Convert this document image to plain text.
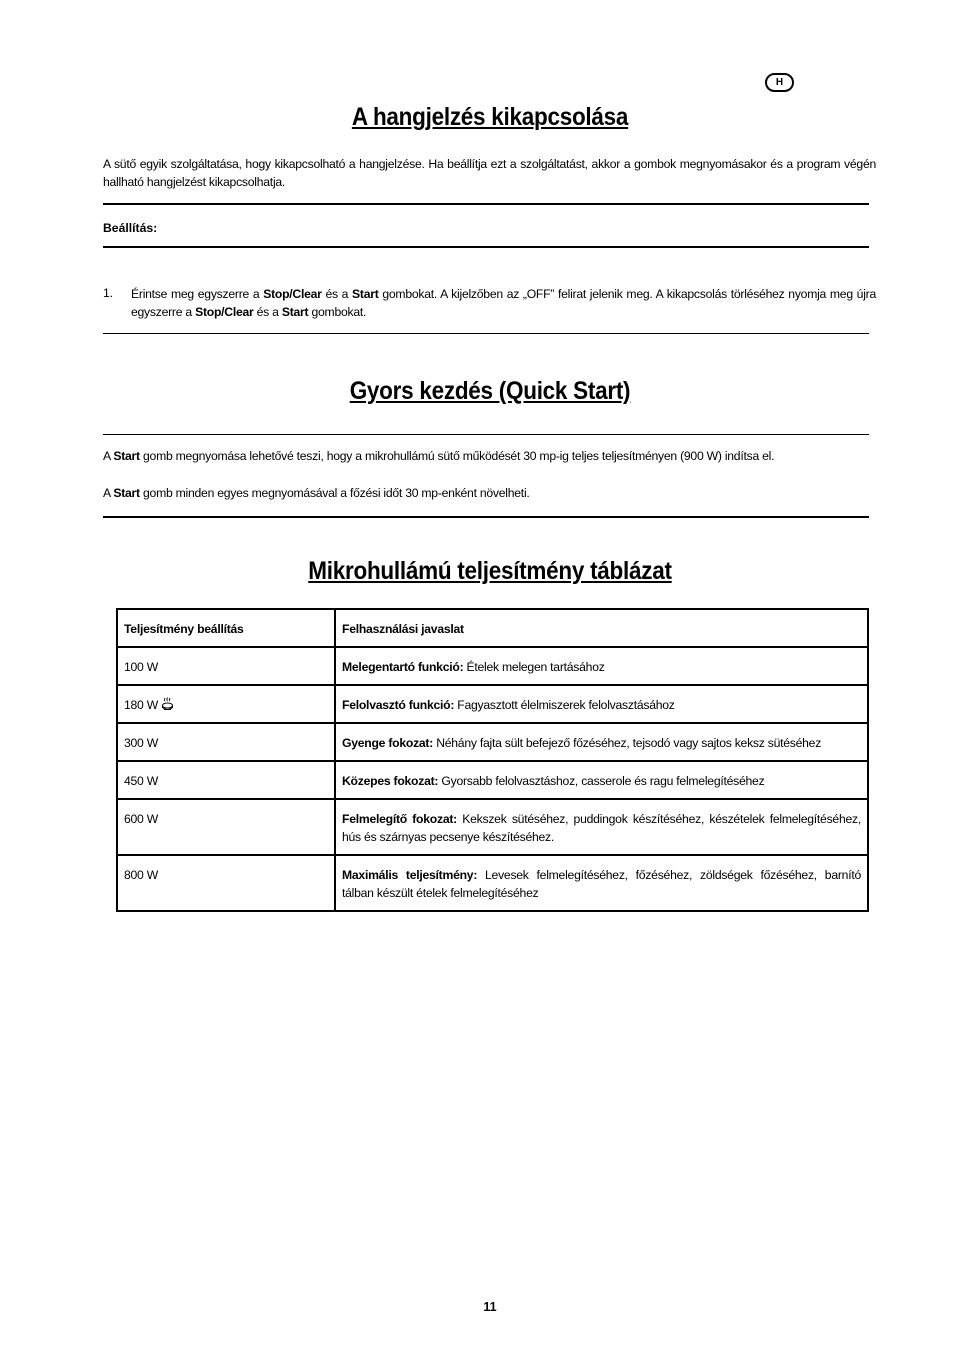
H
A hangjelzés kikapcsolása
A sütő egyik szolgáltatása, hogy kikapcsolható a hangjelzése. Ha beállítja ezt a szolgáltatást, akkor a gombok megnyomásakor és a program végén hallható hangjelzést kikapcsolhatja.
Beállítás:
1. Érintse meg egyszerre a Stop/Clear és a Start gombokat. A kijelzőben az „OFF” felirat jelenik meg. A kikapcsolás törléséhez nyomja meg újra egyszerre a Stop/Clear és a Start gombokat.
Gyors kezdés (Quick Start)
A Start gomb megnyomása lehetővé teszi, hogy a mikrohullámú sütő működését 30 mp-ig teljes teljesítményen (900 W) indítsa el.
A Start gomb minden egyes megnyomásával a főzési időt 30 mp-enként növelheti.
Mikrohullámú teljesítmény táblázat
Teljesítmény beállítás	Felhasználási javaslat
100 W	Melegentartó funkció: Ételek melegen tartásához
180 W	Felolvasztó funkció: Fagyasztott élelmiszerek felolvasztásához
300 W	Gyenge fokozat: Néhány fajta sült befejező főzéséhez, tejsodó vagy sajtos keksz sütéséhez
450 W	Közepes fokozat: Gyorsabb felolvasztáshoz, casserole és ragu felmelegítéséhez
600 W	Felmelegítő fokozat: Kekszek sütéséhez, puddingok készítéséhez, készételek felmelegítéséhez, hús és szárnyas pecsenye készítéséhez.
800 W	Maximális teljesítmény: Levesek felmelegítéséhez, főzéséhez, zöldségek főzéséhez, barnító tálban készült ételek felmelegítéséhez
11
